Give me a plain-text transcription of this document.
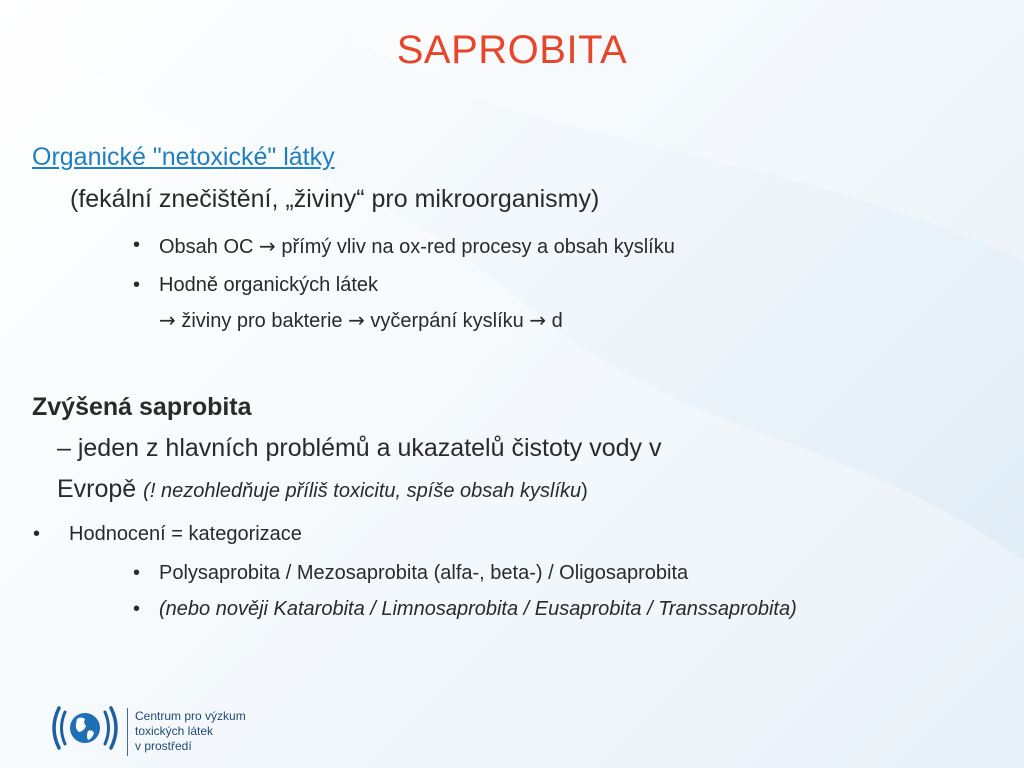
SAPROBITA
Organické "netoxické" látky
(fekální znečištění, „živiny“ pro mikroorganismy)
• Obsah OC → přímý vliv na ox-red procesy a obsah kyslíku
• Hodně organických látek
→ živiny pro bakterie → vyčerpání kyslíku → d
Zvýšená saprobita
– jeden z hlavních problémů a ukazatelů čistoty vody v
Evropě (! nezohledňuje příliš toxicitu, spíše obsah kyslíku)
• Hodnocení = kategorizace
• Polysaprobita / Mezosaprobita (alfa-, beta-) / Oligosaprobita
• (nebo nověji Katarobita / Limnosaprobita / Eusaprobita / Transsaprobita)
Centrum pro výzkum
toxických látek
v prostředí
